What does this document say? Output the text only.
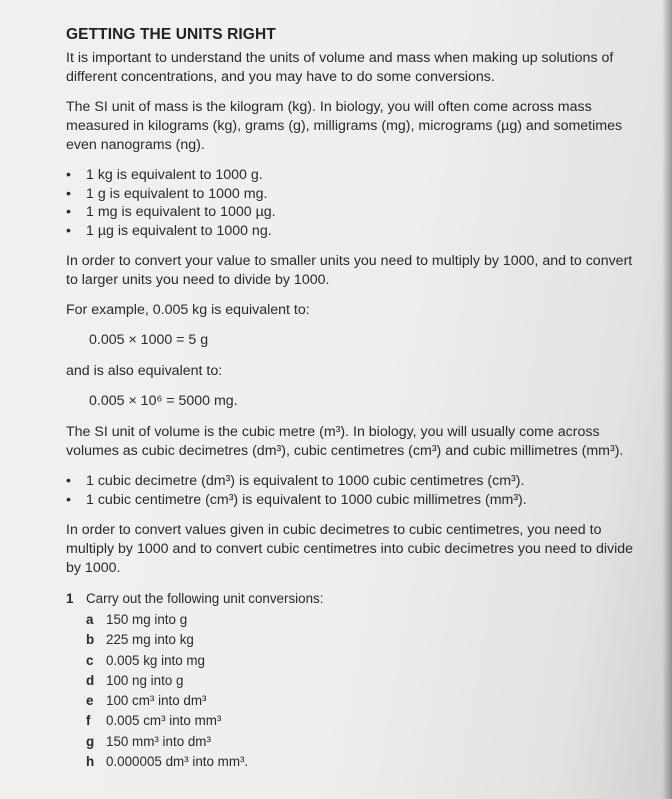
GETTING THE UNITS RIGHT

It is important to understand the units of volume and mass when making up solutions of different concentrations, and you may have to do some conversions.

The SI unit of mass is the kilogram (kg). In biology, you will often come across mass measured in kilograms (kg), grams (g), milligrams (mg), micrograms (µg) and sometimes even nanograms (ng).

• 1 kg is equivalent to 1000 g.
• 1 g is equivalent to 1000 mg.
• 1 mg is equivalent to 1000 µg.
• 1 µg is equivalent to 1000 ng.

In order to convert your value to smaller units you need to multiply by 1000, and to convert to larger units you need to divide by 1000.

For example, 0.005 kg is equivalent to:

0.005 × 1000 = 5 g

and is also equivalent to:

0.005 × 10⁶ = 5000 mg.

The SI unit of volume is the cubic metre (m³). In biology, you will usually come across volumes as cubic decimetres (dm³), cubic centimetres (cm³) and cubic millimetres (mm³).

• 1 cubic decimetre (dm³) is equivalent to 1000 cubic centimetres (cm³).
• 1 cubic centimetre (cm³) is equivalent to 1000 cubic millimetres (mm³).

In order to convert values given in cubic decimetres to cubic centimetres, you need to multiply by 1000 and to convert cubic centimetres into cubic decimetres you need to divide by 1000.

1 Carry out the following unit conversions:
a 150 mg into g
b 225 mg into kg
c 0.005 kg into mg
d 100 ng into g
e 100 cm³ into dm³
f	0.005 cm³ into mm³
g 150 mm³ into dm³
h 0.000005 dm³ into mm³.
